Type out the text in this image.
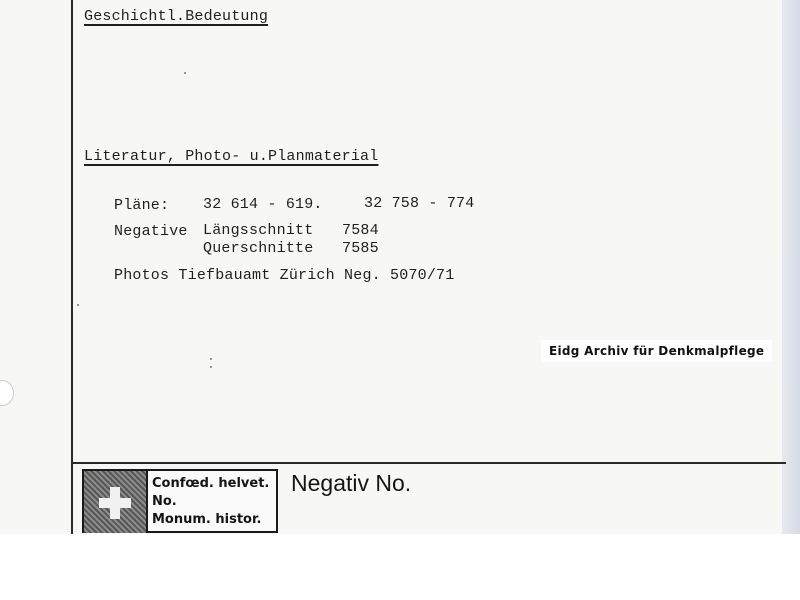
Geschichtl.Bedeutung
Literatur, Photo- u.Planmaterial
Pläne: 32 614 - 619.	32 758 - 774
Negative Längsschnitt 7584
Querschnitte 7585
Photos Tiefbauamt Zürich Neg. 5070/71
Eidg Archiv für Denkmalpflege
Confœd. helvet.
No.
Monum. histor.
Negativ No.
